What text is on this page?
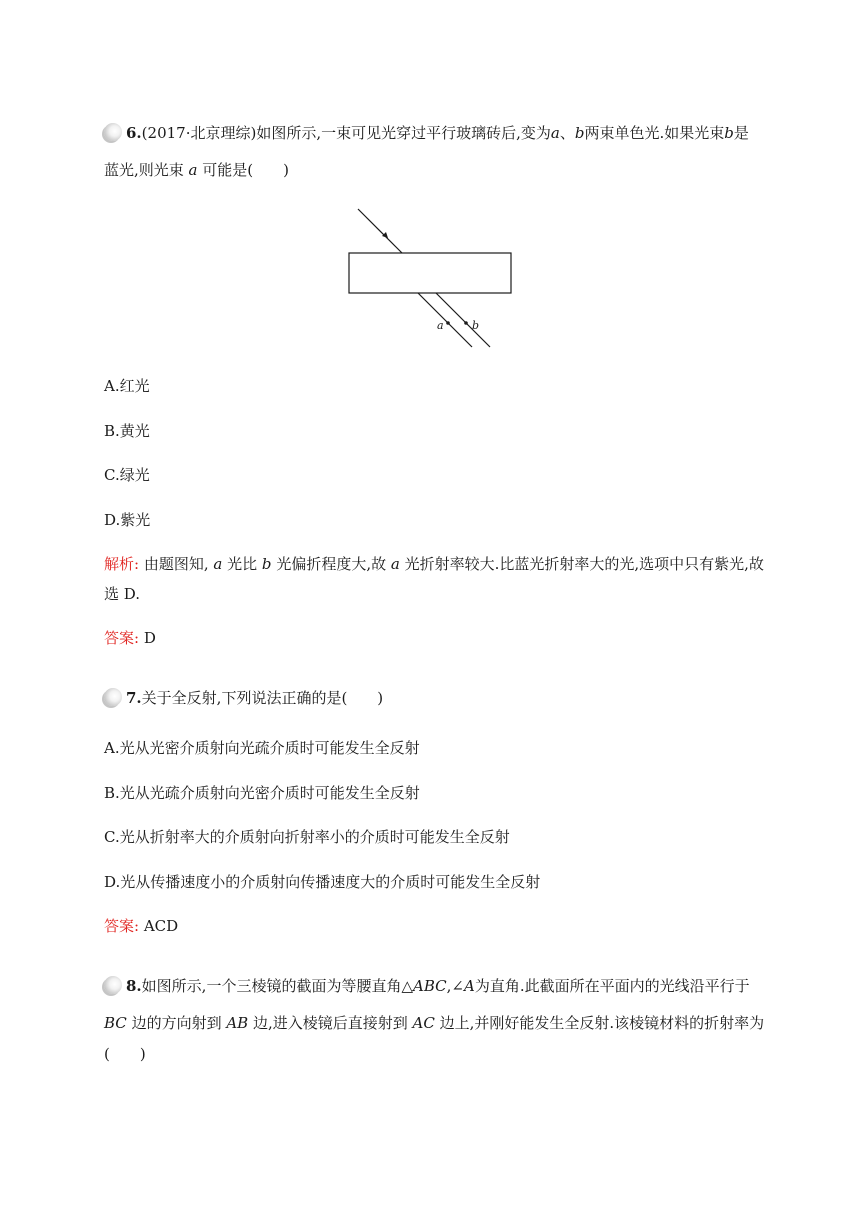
6. (2017·北京理综) 如图所示,一束可见光穿过平行玻璃砖后,变为 a 、 b 两束单色光.如果光束 b 是
蓝光,则光束 a 可能是(　　)
a	b
A.红光
B.黄光
C.绿光
D.紫光
解析: 由题图知, a 光比 b 光偏折程度大,故 a 光折射率较大.比蓝光折射率大的光,选项中只有紫光,故
选 D.
答案: D
7. 关于全反射,下列说法正确的是(　　)
A.光从光密介质射向光疏介质时可能发生全反射
B.光从光疏介质射向光密介质时可能发生全反射
C.光从折射率大的介质射向折射率小的介质时可能发生全反射
D.光从传播速度小的介质射向传播速度大的介质时可能发生全反射
答案: ACD
8. 如图所示,一个三棱镜的截面为等腰直角 △ ABC ,∠ A 为直角.此截面所在平面内的光线沿平行于
BC 边的方向射到 AB 边,进入棱镜后直接射到 AC 边上,并刚好能发生全反射.该棱镜材料的折射率为
(　　)
